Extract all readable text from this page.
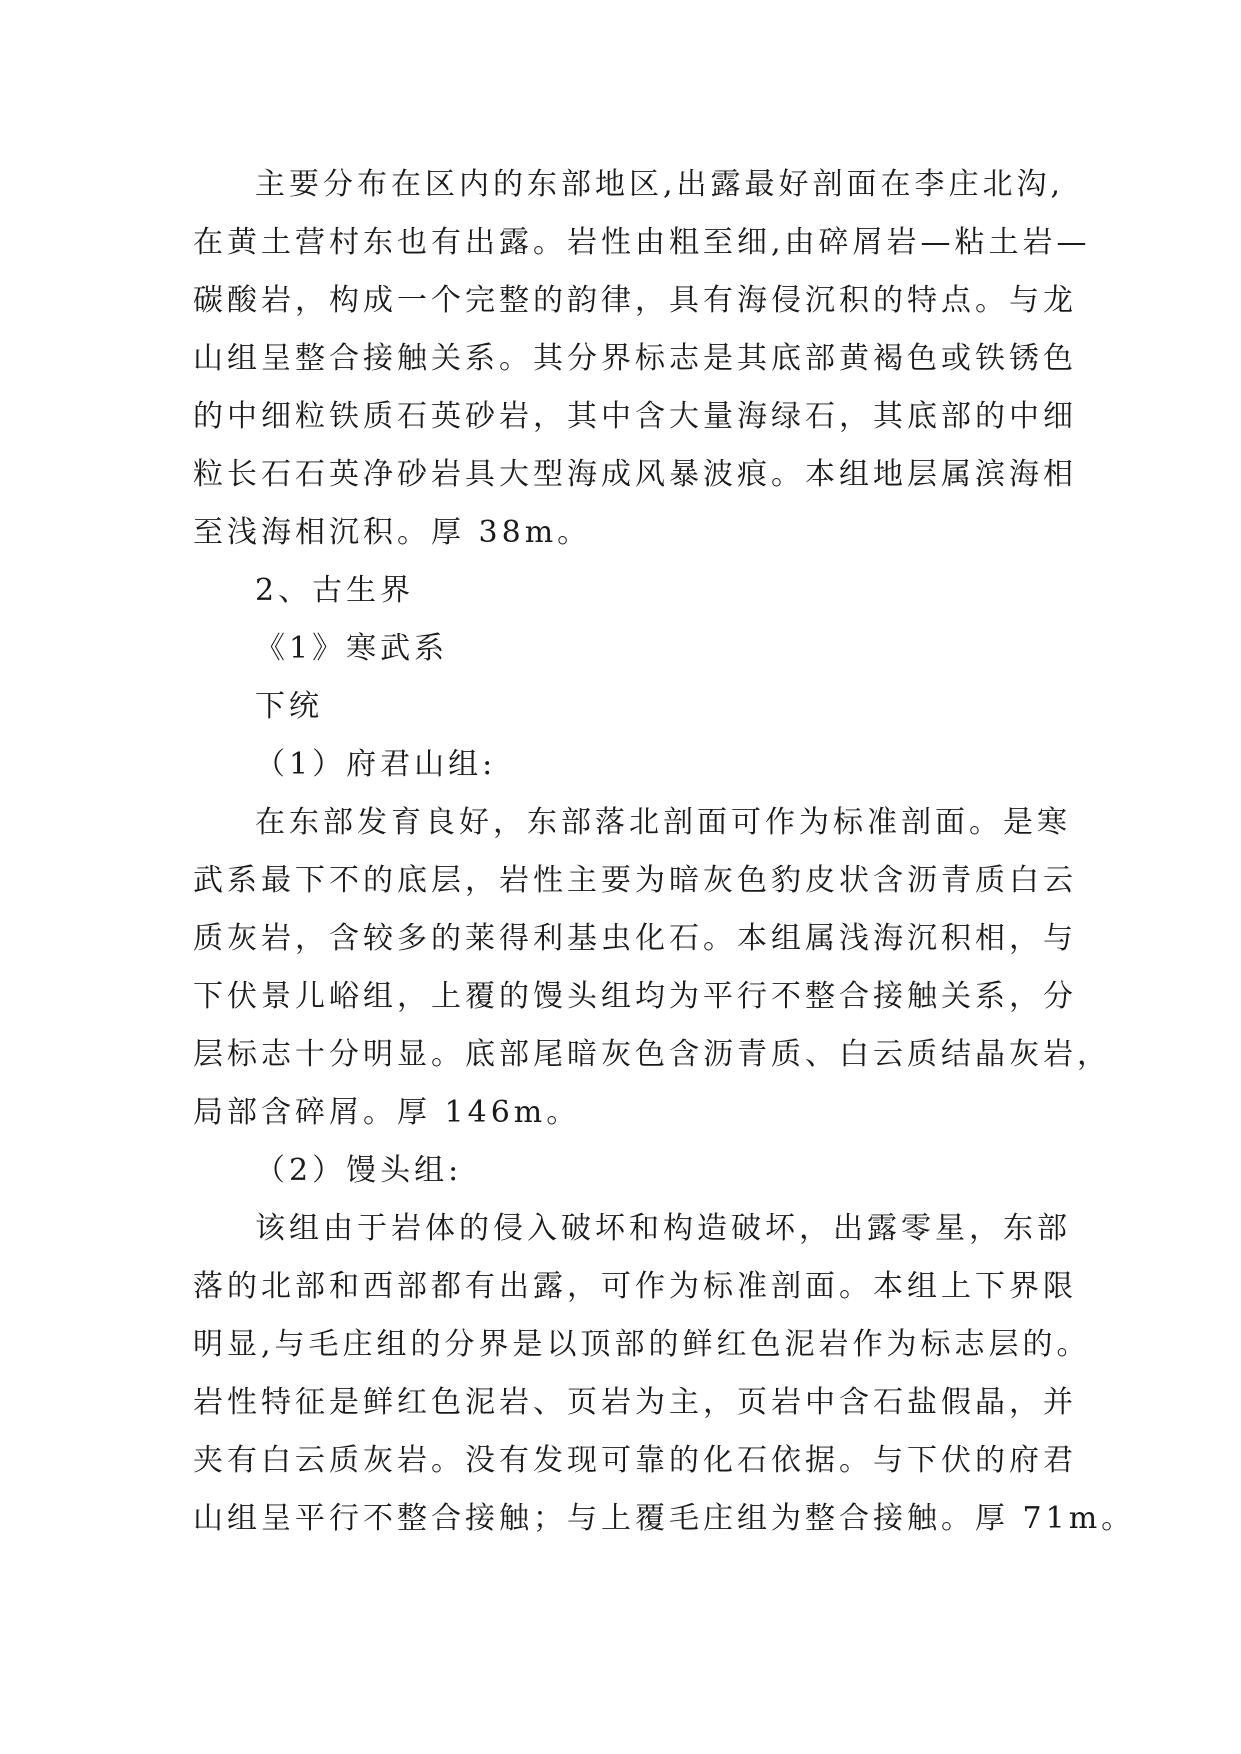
主要分布在区内的东部地区,出露最好剖面在李庄北沟,
在黄土营村东也有出露。岩性由粗至细,由碎屑岩—粘土岩—
碳酸岩，构成一个完整的韵律，具有海侵沉积的特点。与龙
山组呈整合接触关系。其分界标志是其底部黄褐色或铁锈色
的中细粒铁质石英砂岩，其中含大量海绿石，其底部的中细
粒长石石英净砂岩具大型海成风暴波痕。本组地层属滨海相
至浅海相沉积。厚 38m。
2、古生界
《1》寒武系
下统
（1）府君山组:
在东部发育良好，东部落北剖面可作为标准剖面。是寒
武系最下不的底层，岩性主要为暗灰色豹皮状含沥青质白云
质灰岩，含较多的莱得利基虫化石。本组属浅海沉积相，与
下伏景儿峪组，上覆的馒头组均为平行不整合接触关系，分
层标志十分明显。底部尾暗灰色含沥青质、白云质结晶灰岩，
局部含碎屑。厚 146m。
（2）馒头组:
该组由于岩体的侵入破坏和构造破坏，出露零星，东部
落的北部和西部都有出露，可作为标准剖面。本组上下界限
明显,与毛庄组的分界是以顶部的鲜红色泥岩作为标志层的。
岩性特征是鲜红色泥岩、页岩为主，页岩中含石盐假晶，并
夹有白云质灰岩。没有发现可靠的化石依据。与下伏的府君
山组呈平行不整合接触；与上覆毛庄组为整合接触。厚 71m。
